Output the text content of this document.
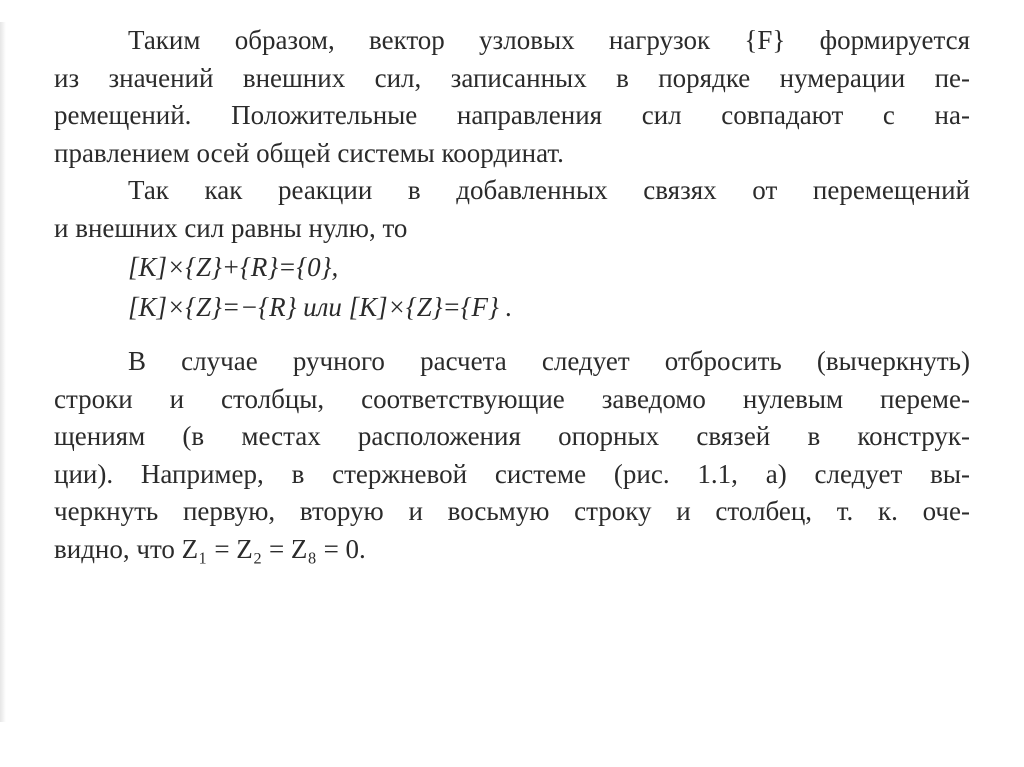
Таким образом, вектор узловых нагрузок {F} формируется
из значений внешних сил, записанных в порядке нумерации пе-
ремещений. Положительные направления сил совпадают с на-
правлением осей общей системы координат.
Так как реакции в добавленных связях от перемещений
и внешних сил равны нулю, то
[K]×{Z}+{R}={0},
[K]×{Z}=−{R} или [K]×{Z}={F} .
В случае ручного расчета следует отбросить (вычеркнуть)
строки и столбцы, соответствующие заведомо нулевым переме-
щениям (в местах расположения опорных связей в конструк-
ции). Например, в стержневой системе (рис. 1.1, а) следует вы-
черкнуть первую, вторую и восьмую строку и столбец, т. к. оче-
видно, что Z₁ = Z₂ = Z₈ = 0.
